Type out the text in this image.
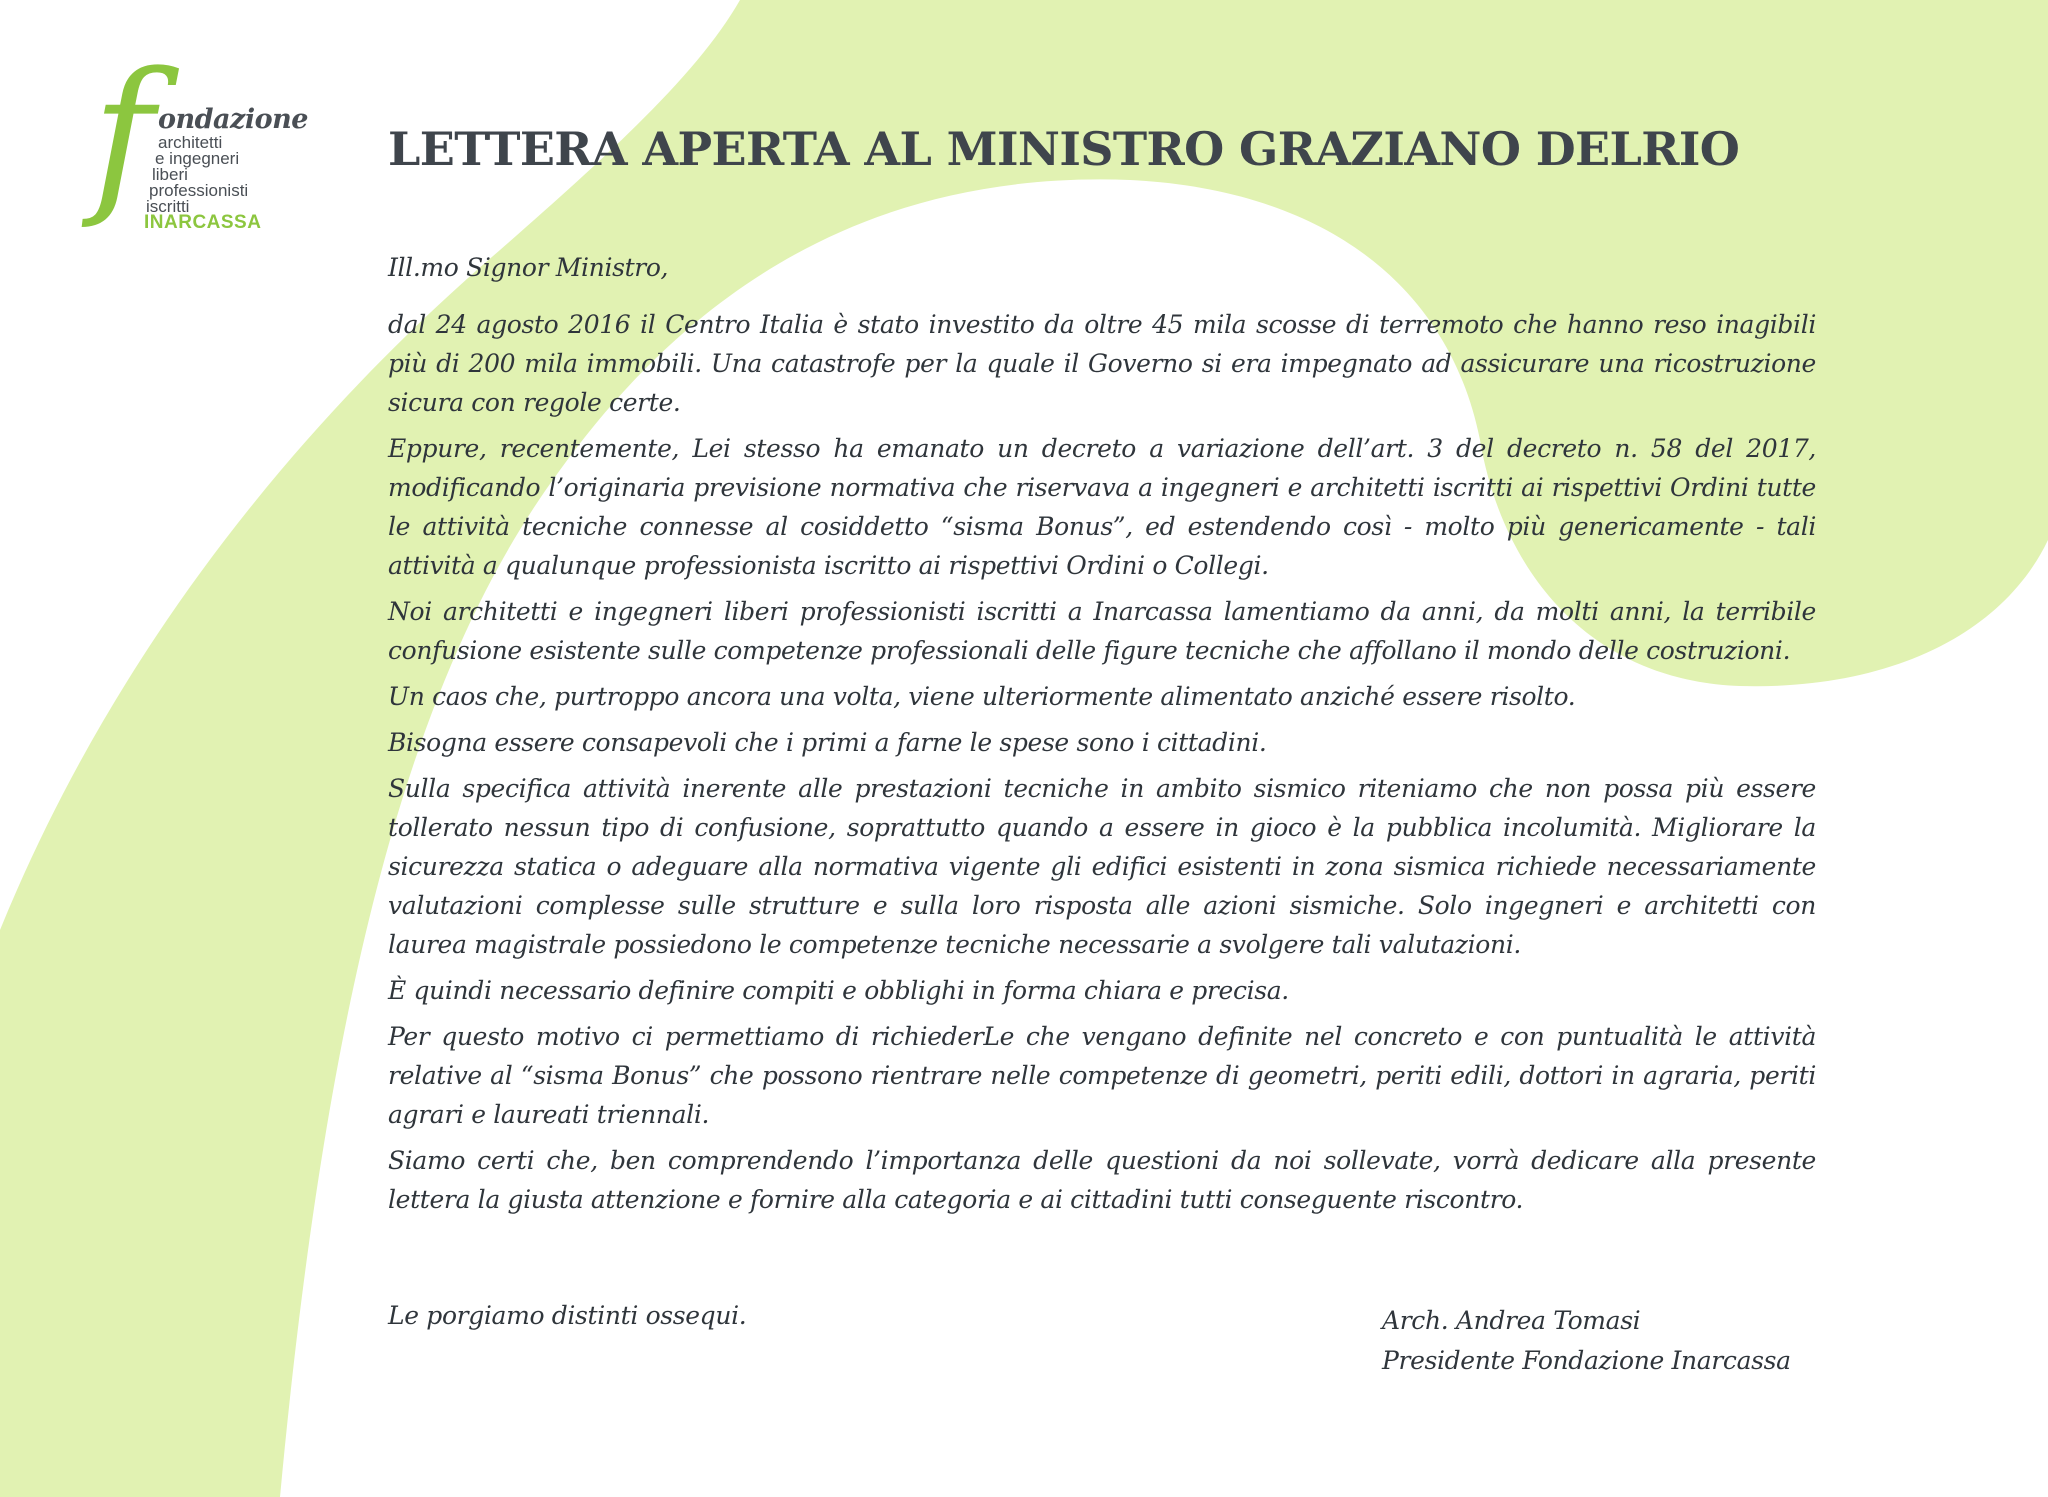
f ondazione
architetti
e ingegneri
liberi
professionisti
iscritti
INARCASSA
LETTERA APERTA AL MINISTRO GRAZIANO DELRIO

Ill.mo Signor Ministro,

dal 24 agosto 2016 il Centro Italia è stato investito da oltre 45 mila scosse di terremoto che hanno reso inagibili più di 200 mila immobili. Una catastrofe per la quale il Governo si era impegnato ad assicurare una ricostruzione sicura con regole certe.

Eppure, recentemente, Lei stesso ha emanato un decreto a variazione dell’art. 3 del decreto n. 58 del 2017, modificando l’originaria previsione normativa che riservava a ingegneri e architetti iscritti ai rispettivi Ordini tutte le attività tecniche connesse al cosiddetto “sisma Bonus”, ed estendendo così - molto più genericamente - tali attività a qualunque professionista iscritto ai rispettivi Ordini o Collegi.

Noi architetti e ingegneri liberi professionisti iscritti a Inarcassa lamentiamo da anni, da molti anni, la terribile confusione esistente sulle competenze professionali delle figure tecniche che affollano il mondo delle costruzioni.

Un caos che, purtroppo ancora una volta, viene ulteriormente alimentato anziché essere risolto.

Bisogna essere consapevoli che i primi a farne le spese sono i cittadini.

Sulla specifica attività inerente alle prestazioni tecniche in ambito sismico riteniamo che non possa più essere tollerato nessun tipo di confusione, soprattutto quando a essere in gioco è la pubblica incolumità. Migliorare la sicurezza statica o adeguare alla normativa vigente gli edifici esistenti in zona sismica richiede necessariamente valutazioni complesse sulle strutture e sulla loro risposta alle azioni sismiche. Solo ingegneri e architetti con laurea magistrale possiedono le competenze tecniche necessarie a svolgere tali valutazioni.

È quindi necessario definire compiti e obblighi in forma chiara e precisa.

Per questo motivo ci permettiamo di richiederLe che vengano definite nel concreto e con puntualità le attività relative al “sisma Bonus” che possono rientrare nelle competenze di geometri, periti edili, dottori in agraria, periti agrari e laureati triennali.

Siamo certi che, ben comprendendo l’importanza delle questioni da noi sollevate, vorrà dedicare alla presente lettera la giusta attenzione e fornire alla categoria e ai cittadini tutti conseguente riscontro.

Le porgiamo distinti ossequi.	Arch. Andrea Tomasi
Presidente Fondazione Inarcassa
